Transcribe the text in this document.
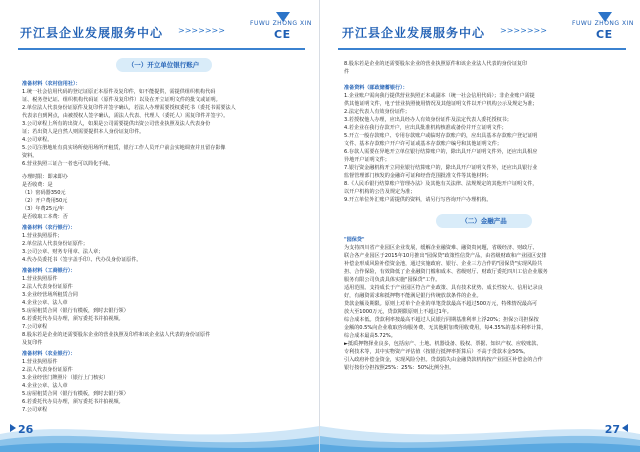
开江县企业发展服务中心 >>>>>>>
FUWU ZHONG XIN
CE
（一）开立单位银行账户
准备材料（农村信用社）：
1.统一社会信用代码的登记证原正本原件及复印件，如不能提供，需提供组织机构代码
证、税务登记证、组织机构代码证（原件及复印件）以及在开立证明文件的批文或证明。
2.单位法人代表身份证原件及复印件并签字确认，若法人办理需要授权委托书（委托书需要法人
代表亲自到网点，由被授权人签字确认，需法人代表、代理人（委托人）需复印件并签字）。
3.公司章程上所有的出资人，如果是公司需要提供出资公司营业执照及法人代表身份
证；若出资人是自然人则需要提供本人身份证复印件。
4.公司章程。
5.公司注册地址有真实场所使用场所开租赁，银行工作人员开户前会实地调查并且留存影像
资料。
6.营业执照三证合一者也可以简化手续。
办理时限：即来即办
是否收费：是
（1）密码器350元
（2）开户费用50元
（3）年费25元/年
是否收取工本费：否
准备材料（农行银行）：
1.营业执照原件；
2.单位法人代表身份证原件；
3.公司公章、财务专用章、法人章；
4.代办员委托书（签字盖手印）、代办员身份证原件。
准备材料（工商银行）：
1.营业执照原件
2.法人代表身份证原件
3.企业经营场所租赁合同
4.企业公章、法人章
5.房屋租赁合同（银行有模板，到时去银行领）
6.若委托代办员办理，须写委托书并拍视频。
7.公司章程
8.股东若是企业的还需要股东企业的营业执照及印件和该企业法人代表的身份证原件
及复印件
准备材料（农业银行）：
1.营业执照原件
2.法人代表身份证原件
3.企业经营门牌照片（银行上门核实）
4.企业公章、法人章
5.房屋租赁合同（银行有模板，到时去银行领）
6.若委托代办员办理，须写委托书并拍视频。
7.公司章程
26
开江县企业发展服务中心 >>>>>>>
FUWU ZHONG XIN
CE
8.股东若是企业的还需要股东企业的营业执照原件和该企业法人代表的身份证复印
件
准备资料（邮政储蓄银行）：
1.企业账户需向我行提供营业执照正本或副本（统一社会信用代码）；非企业账户需提
供其他证明文件，电子营业执照使用情况及其他证明文件以开户机构公示及规定为准；
2.法定代表人有效身份证件；
3.若授权他人办理，应出具经办人有效身份证件及法定代表人委托授权书；
4.若企业在我行存款开户，应出具批准机构核准或备份并开立证明文件；
5.开立一般存款账户、专用存款账户或临时存款账户的，应出具基本存款账户登记证明
文件、基本存款账户开户许可证或基本存款账户编号和其他证明文件；
6.存款人需要在异地开立单位银行结算账户的，除出具开户证明文件外，还应出具相应
异地开户证明文件；
7.银行资金融机构开立同业银行结算账户的，除出具开户证明文件外，还应出具银行业
监督管理部门核发的金融许可证和经营范围批准文件等其他材料；
8.《人民币银行结算账户管理办法》及其他有关法律、法规规定的其他开户证明文件，
以开户机构的公告及规定为准；
9.开立单位外汇账户需提供的资料，请另行写咨询开户办理机构。
（二）金融产品
"园保贷"
为支持四川省产业园区企业发展，缓解企业融资难、融资贵问题，省级经济、财政厅、
联合各产业园区于2015年10月推出"园保贷"政策性信贷产品，由省级财政和产业园区安排
补偿金形成风险补偿资金池，通过实施政府、银行、企业三方合作的"园保贷"实现风险共
担、合作保险，有效降低了企业融资门槛和成本、省级财厅、财政厅委托四川工信企业服务
服务有限公司负责具体实施"园保贷"工作。
适用范围。支持成长于产业园区符合产业政策、具有技术优势、成长性较大、信用记录良
好，有融资需求和抵押物不能满足银行传统放款条件的企业。
贷款金额及期限。原则上对单个企业的单笔贷款最高不超过500万元，特殊情况最高可
放大至1000万元，贷款期限原则上不超过1年。
综合成本低。贷款利率按最高不超过人民银行同期基准利率上浮20%；担保公司担保按
金额的0.5%向企业收取咨询服务费、无其他附加费用收费用，每4.35%的基本利率计算，
综合成本最高5.72%。
►抵质押物择业良多，包括房产、土地、机器设备、股权、票据、知识产权、应收账款、
专利技术等，其中实物资产评估值（按银行抵押率折算后）不高于贷款本金50%。
引入政府补偿金资金，实现风险分担。贷款损失由金融贷款机构按产业园区补偿金的合作
银行按份分担按照25%：25%：50%比例分担。
27
